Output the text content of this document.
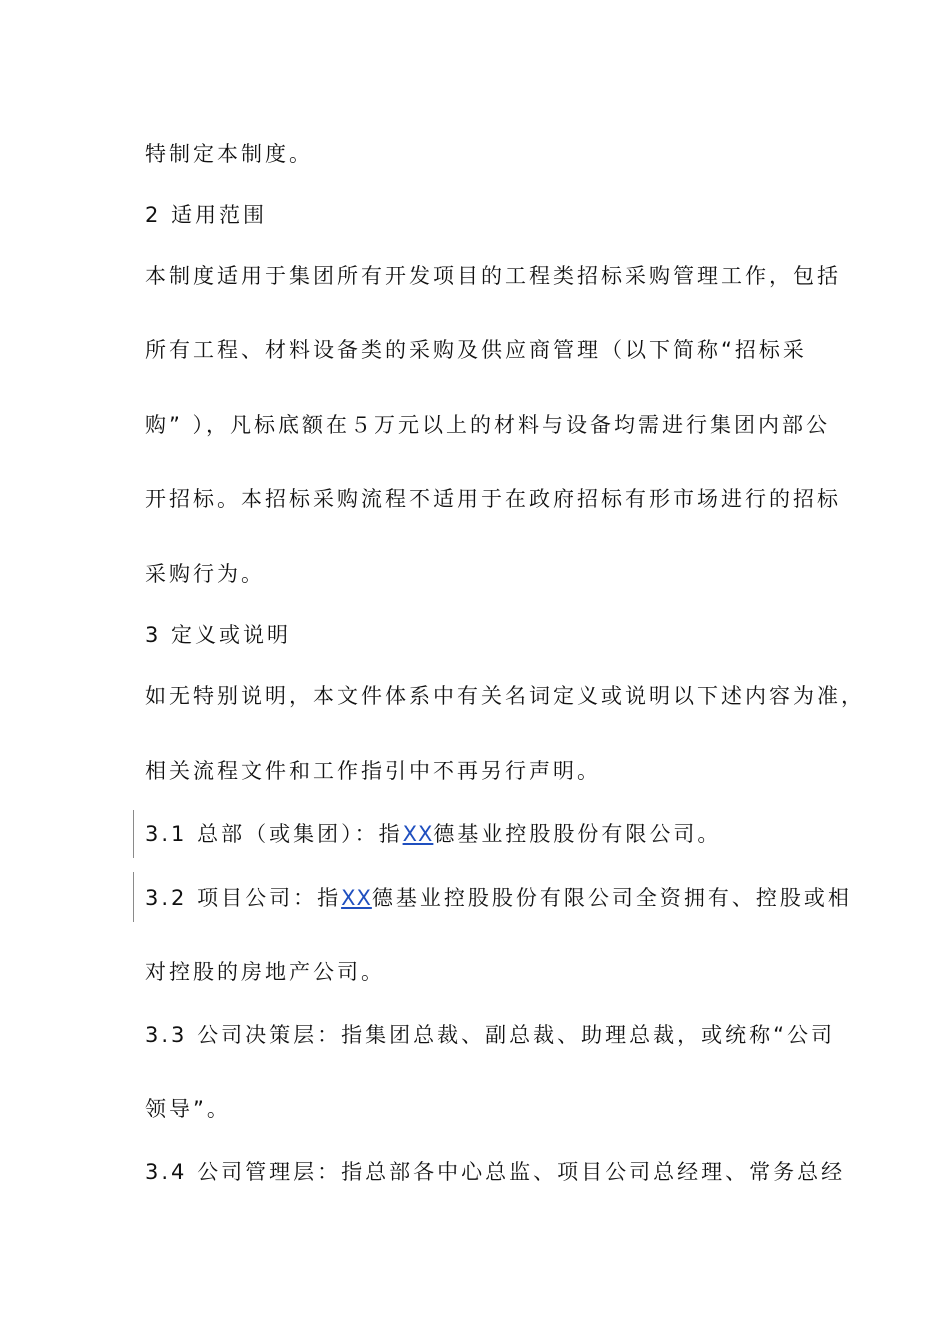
特制定本制度。
2 适用范围
本制度适用于集团所有开发项目的工程类招标采购管理工作，包括
所有工程、材料设备类的采购及供应商管理（以下简称“招标采
购” ），凡标底额在５万元以上的材料与设备均需进行集团内部公
开招标。本招标采购流程不适用于在政府招标有形市场进行的招标
采购行为。
3 定义或说明
如无特别说明，本文件体系中有关名词定义或说明以下述内容为准，
相关流程文件和工作指引中不再另行声明。
3.1 总部（或集团）：指XX德基业控股股份有限公司。
3.2 项目公司：指XX德基业控股股份有限公司全资拥有、控股或相
对控股的房地产公司。
3.3 公司决策层：指集团总裁、副总裁、助理总裁，或统称“公司
领导”。
3.4 公司管理层：指总部各中心总监、项目公司总经理、常务总经
